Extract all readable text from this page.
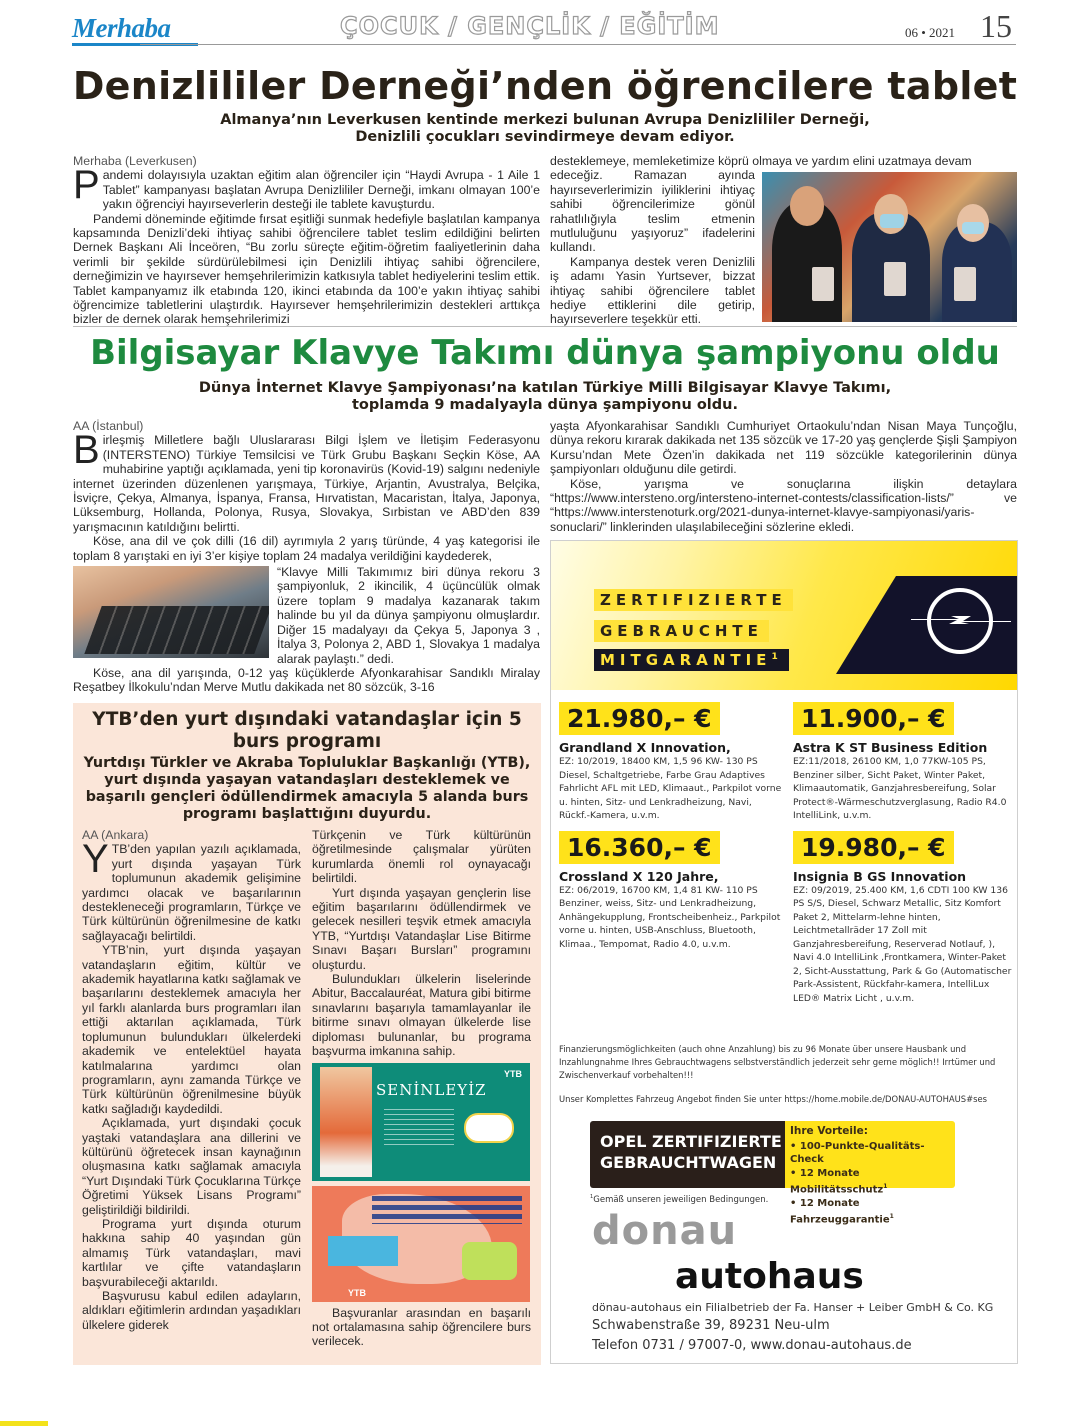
Merhaba	ÇOCUK / GENÇLİK / EĞİTİM	06 • 2021 15
Denizlililer Derneği’nden öğrencilere tablet
Almanya’nın Leverkusen kentinde merkezi bulunan Avrupa Denizlililer Derneği,
Denizlili çocukları sevindirmeye devam ediyor.
Merhaba (Leverkusen)

Pandemi dolayısıyla uzaktan eğitim alan öğrenciler için “Haydi Avrupa - 1 Aile 1 Tablet” kampanyası başlatan Avrupa Denizlililer Derneği, imkanı olmayan 100’e yakın öğrenciyi hayırseverlerin desteği ile tablete kavuşturdu.

Pandemi döneminde eğitimde fırsat eşitliği sunmak hedefiyle başlatılan kampanya kapsamında Denizli’deki ihtiyaç sahibi öğrencilere tablet teslim edildiğini belirten Dernek Başkanı Ali İnceören, “Bu zorlu süreçte eğitim-öğretim faaliyetlerinin daha verimli bir şekilde sürdürülebilmesi için Denizlili ihtiyaç sahibi öğrencilere, derneğimizin ve hayırsever hemşehrilerimizin katkısıyla tablet hediyelerini teslim ettik. Tablet kampanyamız ilk etabında 120, ikinci etabında da 100’e yakın ihtiyaç sahibi öğrencimize tabletlerini ulaştırdık. Hayırsever hemşehrilerimizin destekleri arttıkça bizler de dernek olarak hemşehrilerimizi

desteklemeye, memleketimize köprü olmaya ve yardım elini uzatmaya devam

edeceğiz. Ramazan ayında hayırseverlerimizin iyiliklerini ihtiyaç sahibi öğrencilerimize gönül rahatlılığıyla teslim etmenin mutluluğunu yaşıyoruz” ifadelerini kullandı.

Kampanya destek veren Denizlili iş adamı Yasin Yurtsever, bizzat ihtiyaç sahibi öğrencilere tablet hediye ettiklerini dile getirip, hayırseverlere teşekkür etti.

Bilgisayar Klavye Takımı dünya şampiyonu oldu
Dünya İnternet Klavye Şampiyonası’na katılan Türkiye Milli Bilgisayar Klavye Takımı,
toplamda 9 madalyayla dünya şampiyonu oldu.
AA (İstanbul)

Birleşmiş Milletlere bağlı Uluslararası Bilgi İşlem ve İletişim Federasyonu (INTERSTENO) Türkiye Temsilcisi ve Türk Grubu Başkanı Seçkin Köse, AA muhabirine yaptığı açıklamada, yeni tip koronavirüs (Kovid-19) salgını nedeniyle internet üzerinden düzenlenen yarışmaya, Türkiye, Arjantin, Avustralya, Belçika, İsviçre, Çekya, Almanya, İspanya, Fransa, Hırvatistan, Macaristan, İtalya, Japonya, Lüksemburg, Hollanda, Polonya, Rusya, Slovakya, Sırbistan ve ABD’den 839 yarışmacının katıldığını belirtti.

Köse, ana dil ve çok dilli (16 dil) ayrımıyla 2 yarış türünde, 4 yaş kategorisi ile toplam 8 yarıştaki en iyi 3’er kişiye toplam 24 madalya verildiğini kaydederek,

“Klavye Milli Takımımız biri dünya rekoru 3 şampiyonluk, 2 ikincilik, 4 üçüncülük olmak üzere toplam 9 madalya kazanarak takım halinde bu yıl da dünya şampiyonu olmuşlardır. Diğer 15 madalyayı da Çekya 5, Japonya 3 , İtalya 3, Polonya 2, ABD 1, Slovakya 1 madalya alarak paylaştı.” dedi.

Köse, ana dil yarışında, 0-12 yaş küçüklerde Afyonkarahisar Sandıklı Miralay Reşatbey İlkokulu’ndan Merve Mutlu dakikada net 80 sözcük, 3-16

yaşta Afyonkarahisar Sandıklı Cumhuriyet Ortaokulu’ndan Nisan Maya Tunçoğlu, dünya rekoru kırarak dakikada net 135 sözcük ve 17-20 yaş gençlerde Şişli Şampiyon Kursu’ndan Mete Özen’in dakikada net 119 sözcükle kategorilerinin dünya şampiyonları olduğunu dile getirdi.

Köse, yarışma ve sonuçlarına ilişkin detaylara “https://www.intersteno.org/intersteno-internet-contests/classification-lists/” ve “https://www.interstenoturk.org/2021-dunya-internet-klavye-sampiyonasi/yaris-sonuclari/” linklerinden ulaşılabileceğini sözlerine ekledi.

YTB’den yurt dışındaki vatandaşlar için 5 burs programı
Yurtdışı Türkler ve Akraba Topluluklar Başkanlığı (YTB), yurt dışında yaşayan vatandaşları desteklemek ve başarılı gençleri ödüllendirmek amacıyla 5 alanda burs programı başlattığını duyurdu.
AA (Ankara)

YTB’den yapılan yazılı açıklamada, yurt dışında yaşayan Türk toplumunun akademik gelişimine yardımcı olacak ve başarılarının destekleneceği programların, Türkçe ve Türk kültürünün öğrenilmesine de katkı sağlayacağı belirtildi.

YTB’nin, yurt dışında yaşayan vatandaşların eğitim, kültür ve akademik hayatlarına katkı sağlamak ve başarılarını desteklemek amacıyla her yıl farklı alanlarda burs programları ilan ettiği aktarılan açıklamada, Türk toplumunun bulundukları ülkelerdeki akademik ve entelektüel hayata katılmalarına yardımcı olan programların, aynı zamanda Türkçe ve Türk kültürünün öğrenilmesine büyük katkı sağladığı kaydedildi.

Açıklamada, yurt dışındaki çocuk yaştaki vatandaşlara ana dillerini ve kültürünü öğretecek insan kaynağının oluşmasına katkı sağlamak amacıyla “Yurt Dışındaki Türk Çocuklarına Türkçe Öğretimi Yüksek Lisans Programı” geliştirildiği bildirildi.

Programa yurt dışında oturum hakkına sahip 40 yaşından gün almamış Türk vatandaşları, mavi kartlılar ve çifte vatandaşların başvurabileceği aktarıldı.

Başvurusu kabul edilen adayların, aldıkları eğitimlerin ardından yaşadıkları ülkelere giderek

Türkçenin ve Türk kültürünün öğretilmesinde çalışmalar yürüten kurumlarda önemli rol oynayacağı belirtildi.

Yurt dışında yaşayan gençlerin lise eğitim başarılarını ödüllendirmek ve gelecek nesilleri teşvik etmek amacıyla YTB, “Yurtdışı Vatandaşlar Lise Bitirme Sınavı Başarı Bursları” programını oluşturdu.

Bulundukları ülkelerin liselerinde Abitur, Baccalauréat, Matura gibi bitirme sınavlarını başarıyla tamamlayanlar ile bitirme sınavı olmayan ülkelerde lise diploması bulunanlar, bu programa başvurma imkanına sahip.

SENİNLEYİZ
YTB
YTB

Başvuranlar arasından en başarılı not ortalamasına sahip öğrencilere burs verilecek.

ZERTIFIZIERTE
GEBRAUCHTE
MITGARANTIE$^1$
21.980,– €
Grandland X Innovation,
EZ: 10/2019, 18400 KM, 1,5 96 KW- 130 PS Diesel, Schaltgetriebe, Farbe Grau Adaptives Fahrlicht AFL mit LED, Klimaaut., Parkpilot vorne u. hinten, Sitz- und Lenkradheizung, Navi, Rückf.-Kamera, u.v.m.
16.360,– €
Crossland X 120 Jahre,
EZ: 06/2019, 16700 KM, 1,4 81 KW- 110 PS Benziner, weiss, Sitz- und Lenkradheizung, Anhängekupplung, Frontscheibenheiz., Parkpilot vorne u. hinten, USB-Anschluss, Bluetooth, Klimaa., Tempomat, Radio 4.0, u.v.m.
11.900,– €
Astra K ST Business Edition
EZ:11/2018, 26100 KM, 1,0 77KW-105 PS, Benziner silber, Sicht Paket, Winter Paket, Klimaautomatik, Ganzjahresbereifung, Solar Protect®-Wärmeschutzverglasung, Radio R4.0 IntelliLink, u.v.m.
19.980,– €
Insignia B GS Innovation
EZ: 09/2019, 25.400 KM, 1,6 CDTI 100 KW 136 PS S/S, Diesel, Schwarz Metallic, Sitz Komfort Paket 2, Mittelarm-lehne hinten, Leichtmetallräder 17 Zoll mit Ganzjahresbereifung, Reserverad Notlauf, ), Navi 4.0 IntelliLink ,Frontkamera, Winter-Paket 2, Sicht-Ausstattung, Park & Go (Automatischer Park-Assistent, Rückfahr-kamera, IntelliLux LED® Matrix Licht , u.v.m.
Finanzierungsmöglichkeiten (auch ohne Anzahlung) bis zu 96 Monate über unsere Hausbank und Inzahlungnahme Ihres Gebrauchtwagens selbstverständlich jederzeit sehr gerne möglich!! Irrtümer und Zwischenverkauf vorbehalten!!!
Unser Komplettes Fahrzeug Angebot finden Sie unter https://home.mobile.de/DONAU-AUTOHAUS#ses
OPEL ZERTIFIZIERTE
GEBRAUCHTWAGEN
Ihre Vorteile:
• 100-Punkte-Qualitäts-Check
• 12 Monate Mobilitätsschutz$^1$
• 12 Monate Fahrzeuggarantie$^1$
$^1$Gemäß unseren jeweiligen Bedingungen.
donau
autohaus
dönau-autohaus ein Filialbetrieb der Fa. Hanser + Leiber GmbH & Co. KG
Schwabenstraße 39, 89231 Neu-ulm
Telefon 0731 / 97007-0, www.donau-autohaus.de
